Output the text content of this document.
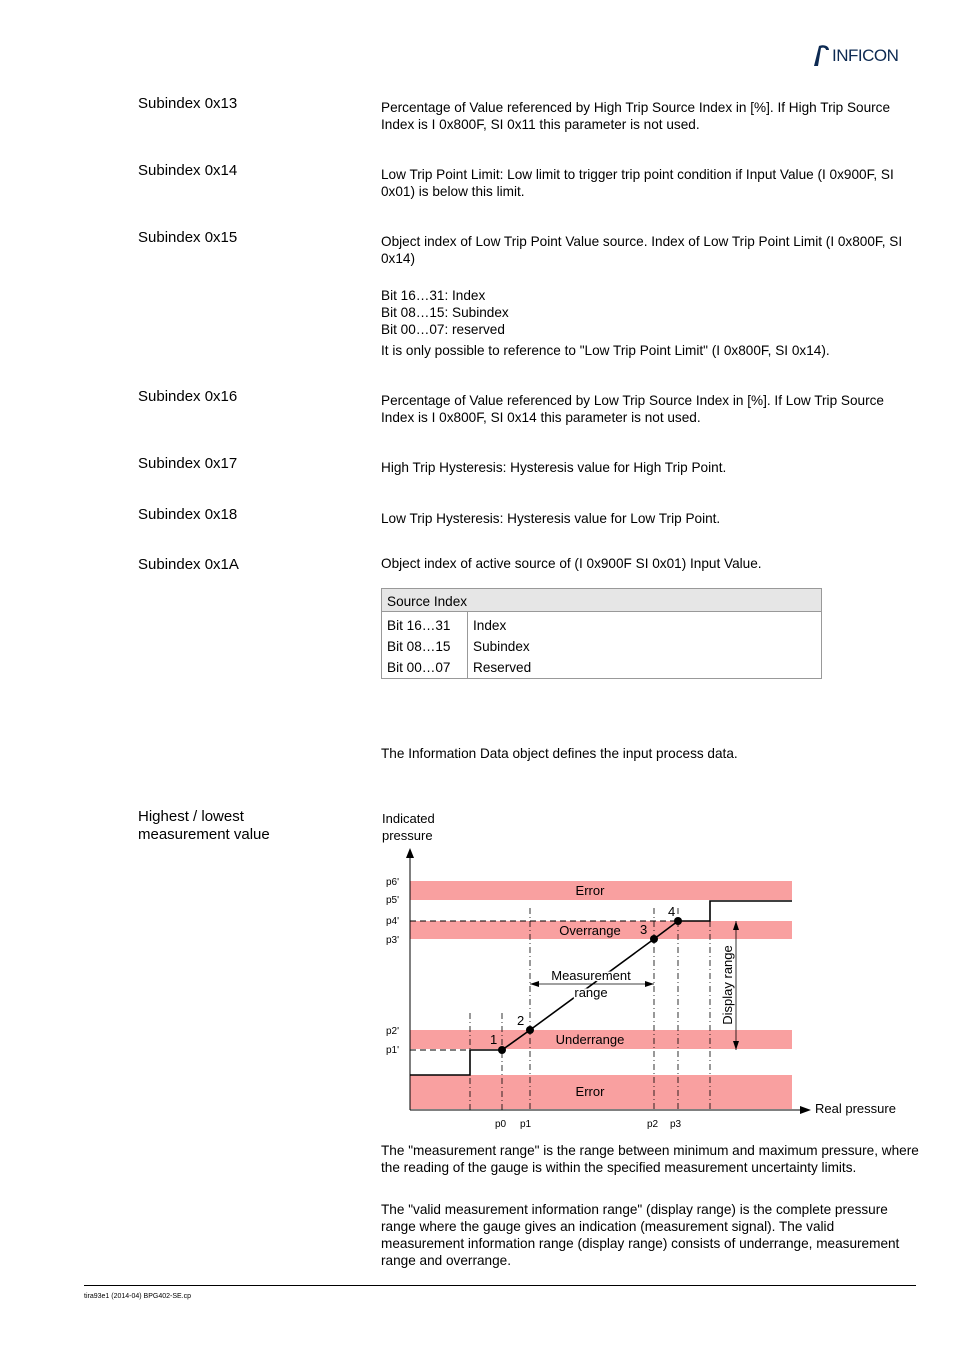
INFICON
Subindex 0x13	Percentage of Value referenced by High Trip Source Index in [%]. If High Trip Source Index is I 0x800F, SI 0x11 this parameter is not used.
Subindex 0x14	Low Trip Point Limit: Low limit to trigger trip point condition if Input Value (I 0x900F, SI 0x01) is below this limit.
Subindex 0x15	Object index of Low Trip Point Value source. Index of Low Trip Point Limit (I 0x800F, SI 0x14)

Bit 16…31: Index

Bit 08…15: Subindex

Bit 00…07: reserved

It is only possible to reference to "Low Trip Point Limit" (I 0x800F, SI 0x14).
Subindex 0x16	Percentage of Value referenced by Low Trip Source Index in [%]. If Low Trip Source Index is I 0x800F, SI 0x14 this parameter is not used.
Subindex 0x17	High Trip Hysteresis: Hysteresis value for High Trip Point.
Subindex 0x18	Low Trip Hysteresis: Hysteresis value for Low Trip Point.
Subindex 0x1A	Object index of active source of (I 0x900F SI 0x01) Input Value.
Source Index	
Bit 16…31	Index
Bit 08…15	Subindex
Bit 00…07	Reserved
The Information Data object defines the input process data.
Highest / lowest
measurement value
Indicated
pressure
Real pressure
p6'
p5'
p4'
p3'
p2'
p1'
p0 p1	p2 p3
1
2
3
4
Error
Overrange
Underrange
Error
Measurement
range	Display range
The "measurement range" is the range between minimum and maximum pressure, where the reading of the gauge is within the specified measurement uncertainty limits.
The "valid measurement information range" (display range) is the complete pressure range where the gauge gives an indication (measurement signal). The valid measurement information range (display range) consists of underrange, measurement range and overrange.
tira93e1 (2014-04) BPG402-SE.cp
